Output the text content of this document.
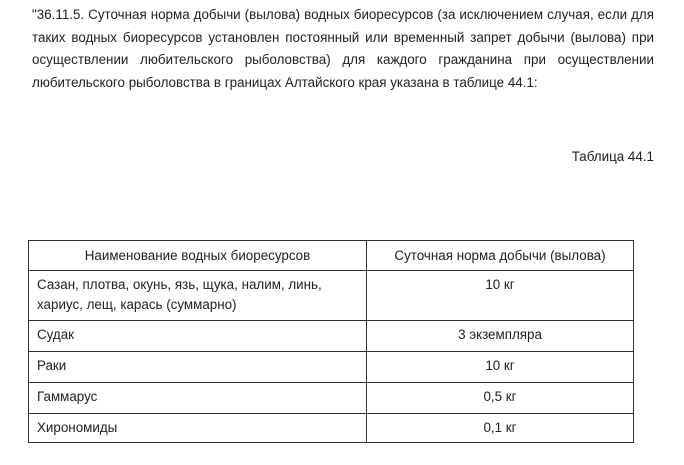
"36.11.5. Суточная норма добычи (вылова) водных биоресурсов (за исключением случая, если для таких водных биоресурсов установлен постоянный или временный запрет добычи (вылова) при осуществлении любительского рыболовства) для каждого гражданина при осуществлении любительского рыболовства в границах Алтайского края указана в таблице 44.1:

Таблица 44.1

Наименование водных биоресурсов	Суточная норма добычи (вылова)
Сазан, плотва, окунь, язь, щука, налим, линь, хариус, лещ, карась (суммарно)	10 кг
Судак	3 экземпляра
Раки	10 кг
Гаммарус	0,5 кг
Хирономиды	0,1 кг
